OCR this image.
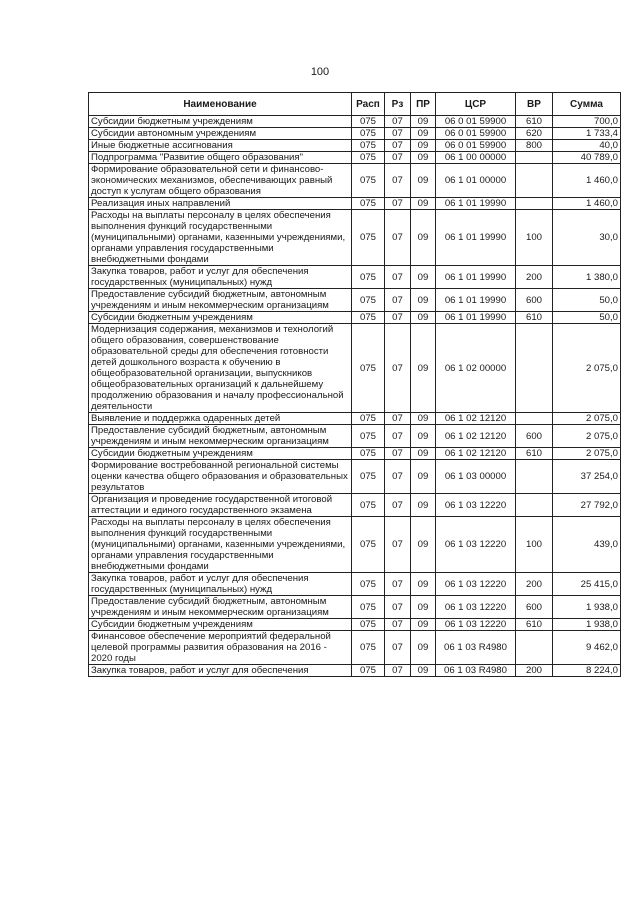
100
Наименование	Расп	Рз	ПР	ЦСР	ВР	Сумма
Субсидии бюджетным учреждениям	075	07	09	06 0 01 59900	610	700,0
Субсидии автономным учреждениям	075	07	09	06 0 01 59900	620	1 733,4
Иные бюджетные ассигнования	075	07	09	06 0 01 59900	800	40,0
Подпрограмма "Развитие общего образования"	075	07	09	06 1 00 00000		40 789,0
Формирование образовательной сети и финансово-экономических механизмов, обеспечивающих равный доступ к услугам общего образования	075	07	09	06 1 01 00000		1 460,0
Реализация иных направлений	075	07	09	06 1 01 19990		1 460,0
Расходы на выплаты персоналу в целях обеспечения выполнения функций государственными (муниципальными) органами, казенными учреждениями, органами управления государственными внебюджетными фондами	075	07	09	06 1 01 19990	100	30,0
Закупка товаров, работ и услуг для обеспечения государственных (муниципальных) нужд	075	07	09	06 1 01 19990	200	1 380,0
Предоставление субсидий бюджетным, автономным учреждениям и иным некоммерческим организациям	075	07	09	06 1 01 19990	600	50,0
Субсидии бюджетным учреждениям	075	07	09	06 1 01 19990	610	50,0
Модернизация содержания, механизмов и технологий общего образования, совершенствование образовательной среды для обеспечения готовности детей дошкольного возраста к обучению в общеобразовательной организации, выпускников общеобразовательных организаций к дальнейшему продолжению образования и началу профессиональной деятельности	075	07	09	06 1 02 00000		2 075,0
Выявление и поддержка одаренных детей	075	07	09	06 1 02 12120		2 075,0
Предоставление субсидий бюджетным, автономным учреждениям и иным некоммерческим организациям	075	07	09	06 1 02 12120	600	2 075,0
Субсидии бюджетным учреждениям	075	07	09	06 1 02 12120	610	2 075,0
Формирование востребованной региональной системы оценки качества общего образования и образовательных результатов	075	07	09	06 1 03 00000		37 254,0
Организация и проведение государственной итоговой аттестации и единого государственного экзамена	075	07	09	06 1 03 12220		27 792,0
Расходы на выплаты персоналу в целях обеспечения выполнения функций государственными (муниципальными) органами, казенными учреждениями, органами управления государственными внебюджетными фондами	075	07	09	06 1 03 12220	100	439,0
Закупка товаров, работ и услуг для обеспечения государственных (муниципальных) нужд	075	07	09	06 1 03 12220	200	25 415,0
Предоставление субсидий бюджетным, автономным учреждениям и иным некоммерческим организациям	075	07	09	06 1 03 12220	600	1 938,0
Субсидии бюджетным учреждениям	075	07	09	06 1 03 12220	610	1 938,0
Финансовое обеспечение мероприятий федеральной целевой программы развития образования на 2016 - 2020 годы	075	07	09	06 1 03 R4980		9 462,0
Закупка товаров, работ и услуг для обеспечения	075	07	09	06 1 03 R4980	200	8 224,0
